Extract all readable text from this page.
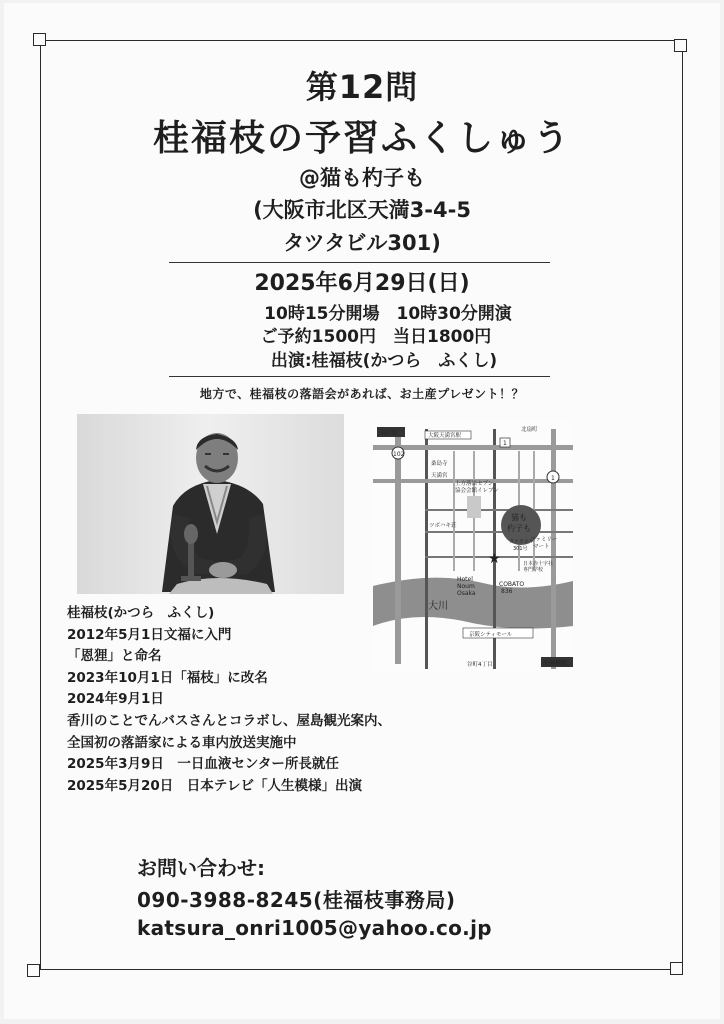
第12問
桂福枝の予習ふくしゅう
@猫も杓子も
(大阪市北区天満3-4-5
タツタビル301)
2025年6月29日(日)
10時15分開場　10時30分開演
ご予約1500円　当日1800円
出演:桂福枝(かつら　ふくし)
地方で、桂福枝の落語会があれば、お土産プレゼント！？
大川
猫も
杓子も
タツタビル
301号
★
扇町駅	大阪天満宮駅
北扇町
102
1
1
桑島寺
天満宮
上方落語
協会会館
セブン
イレブン
ツボハキ荘
ファミリー
マート
日本赤十字社
専門学校
Hotel
Noum
Osaka
COBATO
836
京阪シティモール
谷町4丁目	天満橋駅
桂福枝(かつら　ふくし)
2012年5月1日文福に入門
「恩狸」と命名
2023年10月1日「福枝」に改名
2024年9月1日
香川のことでんバスさんとコラボし、屋島観光案内、
全国初の落語家による車内放送実施中
2025年3月9日　一日血液センター所長就任
2025年5月20日　日本テレビ「人生模様」出演
お問い合わせ:
090-3988-8245(桂福枝事務局)
katsura_onri1005@yahoo.co.jp
